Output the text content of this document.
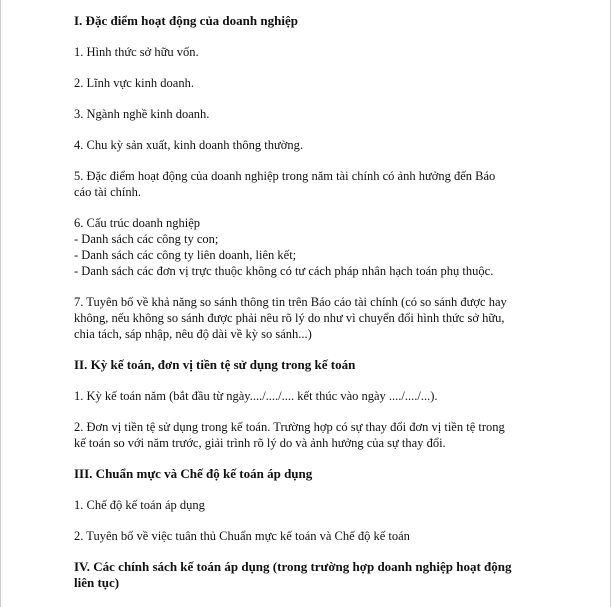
I. Đặc điểm hoạt động của doanh nghiệp

1. Hình thức sở hữu vốn.

2. Lĩnh vực kinh doanh.

3. Ngành nghề kinh doanh.

4. Chu kỳ sản xuất, kinh doanh thông thường.

5. Đặc điểm hoạt động của doanh nghiệp trong năm tài chính có ảnh hưởng đến Báo
cáo tài chính.

6. Cấu trúc doanh nghiệp
- Danh sách các công ty con;
- Danh sách các công ty liên doanh, liên kết;
- Danh sách các đơn vị trực thuộc không có tư cách pháp nhân hạch toán phụ thuộc.

7. Tuyên bố về khả năng so sánh thông tin trên Báo cáo tài chính (có so sánh được hay
không, nếu không so sánh được phải nêu rõ lý do như vì chuyển đổi hình thức sở hữu,
chia tách, sáp nhập, nêu độ dài về kỳ so sánh...)

II. Kỳ kế toán, đơn vị tiền tệ sử dụng trong kế toán

1. Kỳ kế toán năm (bắt đầu từ ngày..../..../.... kết thúc vào ngày ..../..../...).

2. Đơn vị tiền tệ sử dụng trong kế toán. Trường hợp có sự thay đổi đơn vị tiền tệ trong
kế toán so với năm trước, giải trình rõ lý do và ảnh hưởng của sự thay đổi.

III. Chuẩn mực và Chế độ kế toán áp dụng

1. Chế độ kế toán áp dụng

2. Tuyên bố về việc tuân thủ Chuẩn mực kế toán và Chế độ kế toán

IV. Các chính sách kế toán áp dụng (trong trường hợp doanh nghiệp hoạt động
liên tục)
